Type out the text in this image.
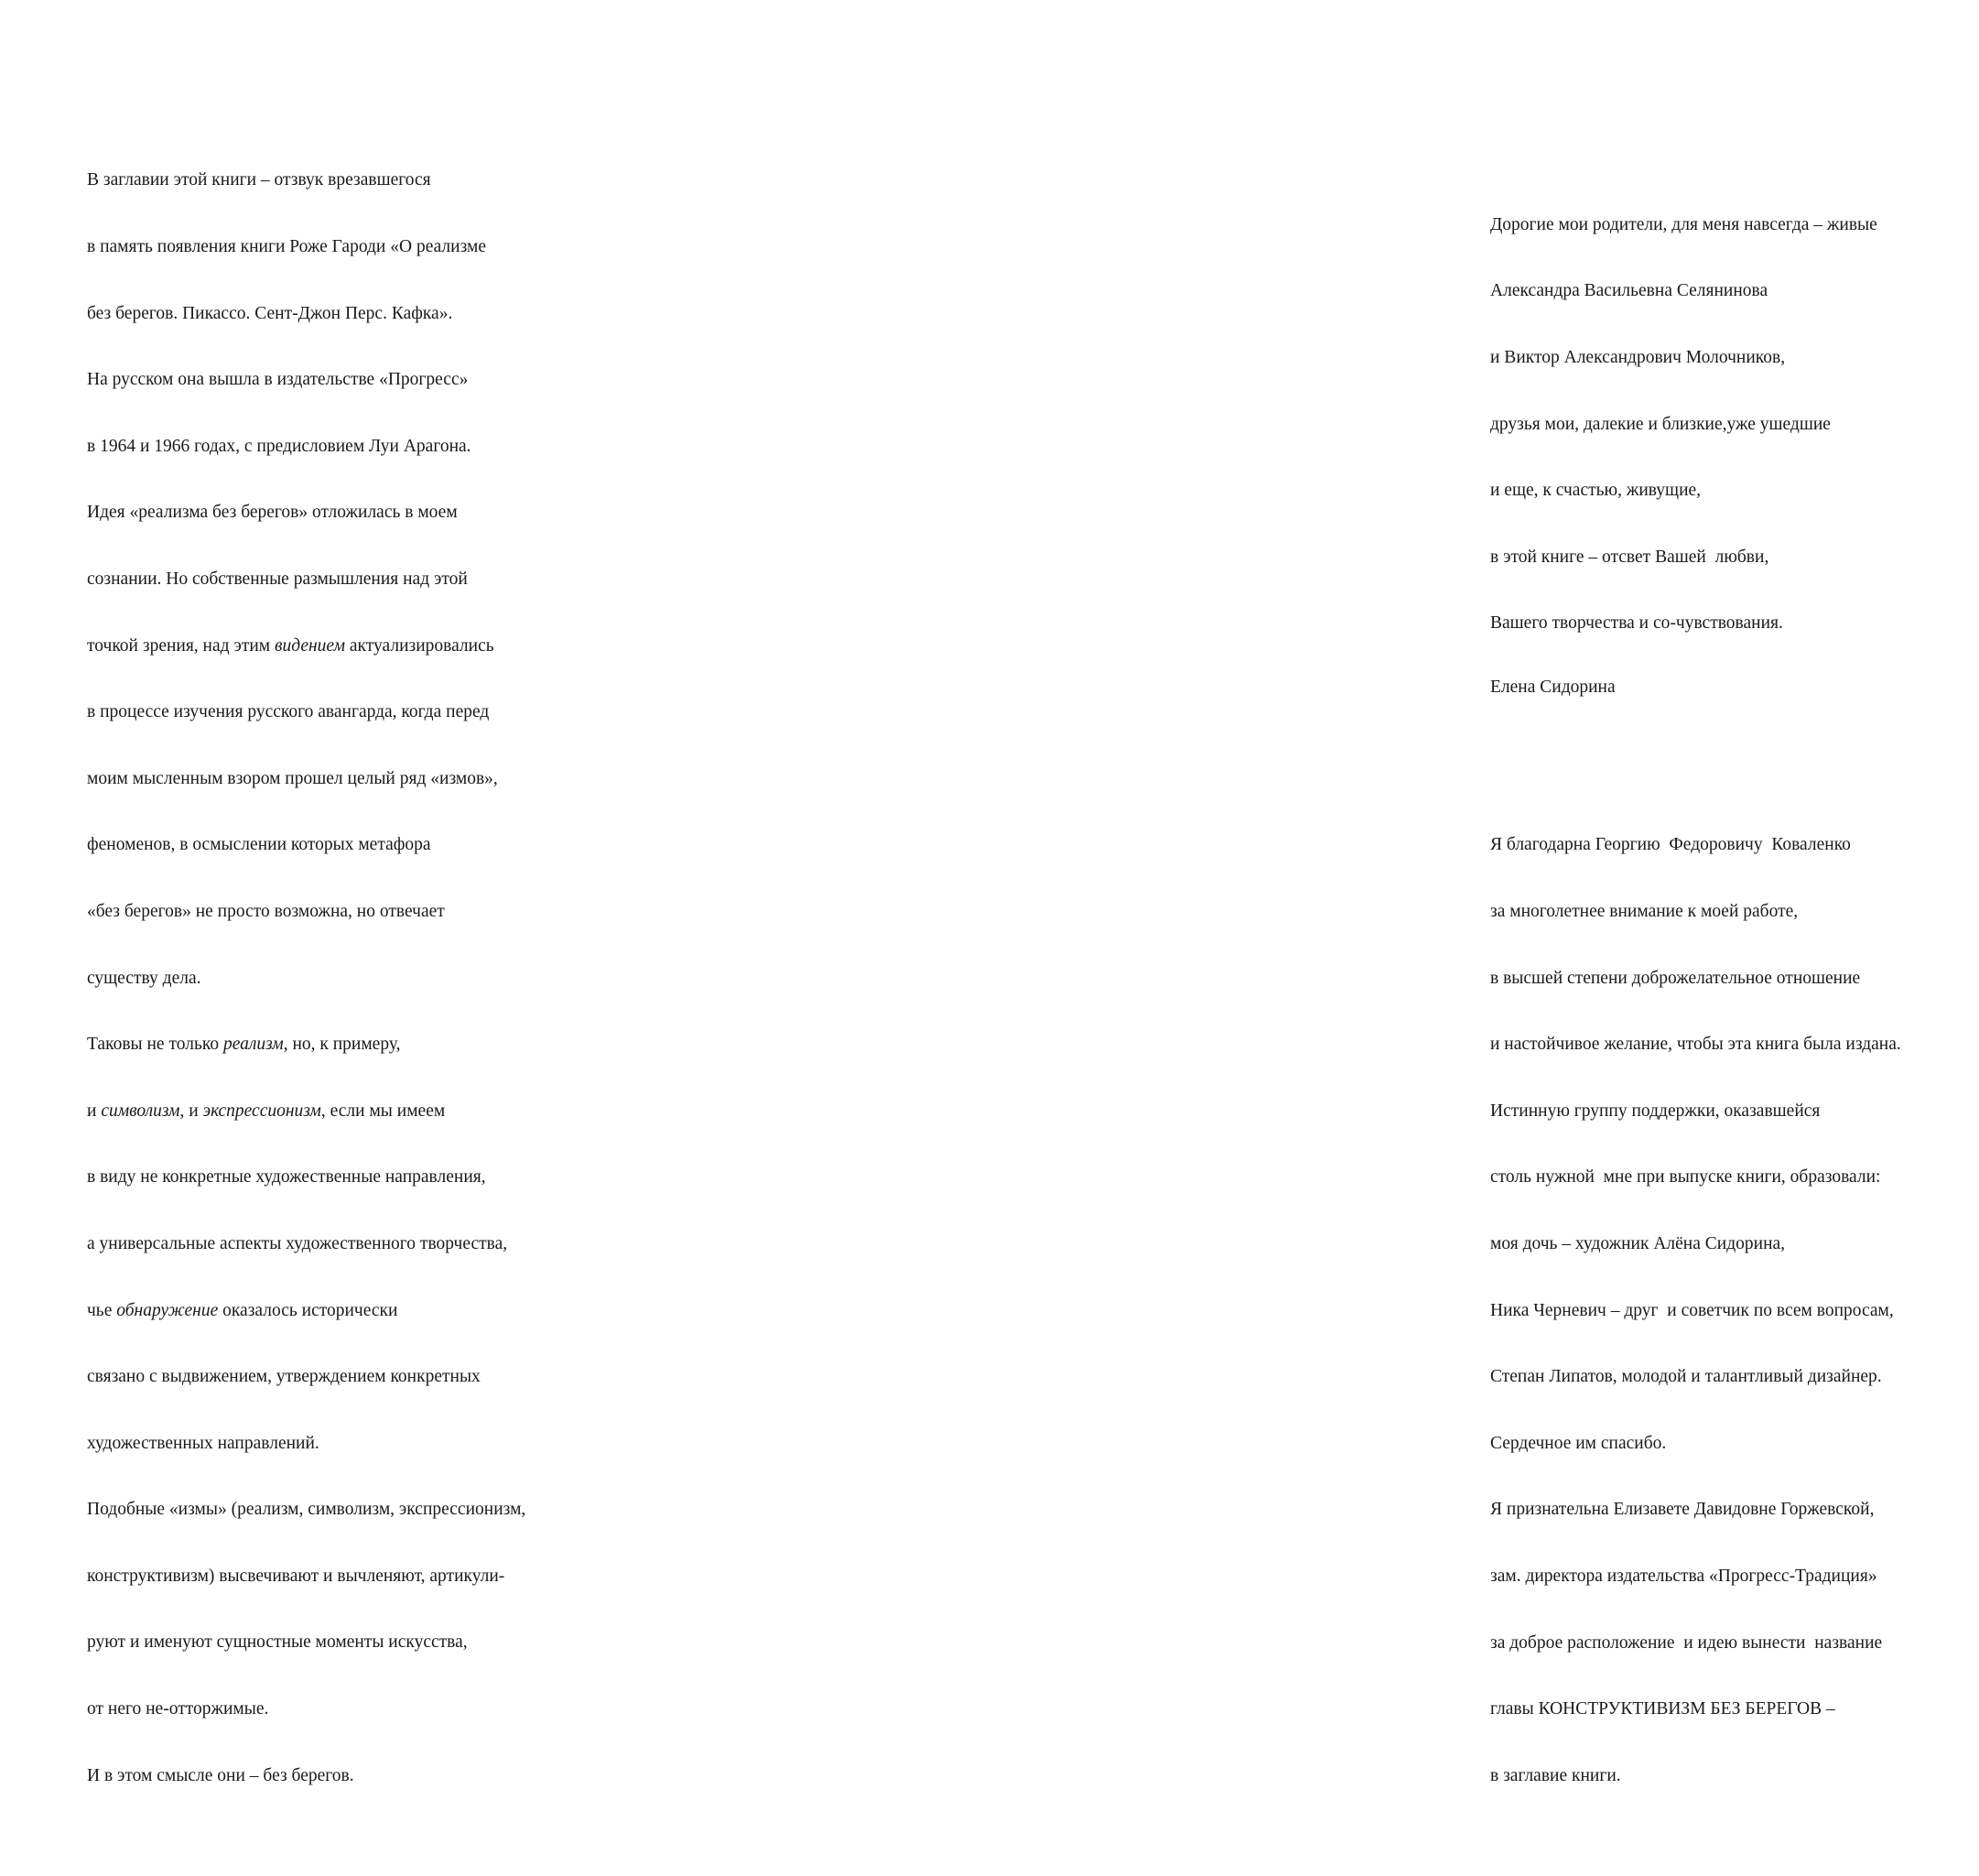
В заглавии этой книги – отзвук врезавшегося

в память появления книги Роже Гароди «О реализме

без берегов. Пикассо. Сент-Джон Перс. Кафка».

На русском она вышла в издательстве «Прогресс»

в 1964 и 1966 годах, с предисловием Луи Арагона.

Идея «реализма без берегов» отложилась в моем

сознании. Но собственные размышления над этой

точкой зрения, над этим видением актуализировались

в процессе изучения русского авангарда, когда перед

моим мысленным взором прошел целый ряд «измов»,

феноменов, в осмыслении которых метафора

«без берегов» не просто возможна, но отвечает

существу дела.

Таковы не только реализм, но, к примеру,

и символизм, и экспрессионизм, если мы имеем

в виду не конкретные художественные направления,

а универсальные аспекты художественного творчества,

чье обнаружение оказалось исторически

связано с выдвижением, утверждением конкретных

художественных направлений.

Подобные «измы» (реализм, символизм, экспрессионизм,

конструктивизм) высвечивают и вычленяют, артикули-

руют и именуют сущностные моменты искусства,

от него не-отторжимые.

И в этом смысле они – без берегов.

Дорогие мои родители, для меня навсегда – живые

Александра Васильевна Селянинова

и Виктор Александрович Молочников,

друзья мои, далекие и близкие,уже ушедшие

и еще, к счастью, живущие,

в этой книге – отсвет Вашей  любви,

Вашего творчества и со-чувствования.

Я благодарна Георгию  Федоровичу  Коваленко

за многолетнее внимание к моей работе,

в высшей степени доброжелательное отношение

и настойчивое желание, чтобы эта книга была издана.

Истинную группу поддержки, оказавшейся

столь нужной  мне при выпуске книги, образовали:

моя дочь – художник Алёна Сидорина,

Ника Черневич – друг  и советчик по всем вопросам,

Степан Липатов, молодой и талантливый дизайнер.

Сердечное им спасибо.

Я признательна Елизавете Давидовне Горжевской,

зам. директора издательства «Прогресс-Традиция»

за доброе расположение  и идею вынести  название

главы КОНСТРУКТИВИЗМ БЕЗ БЕРЕГОВ –

в заглавие книги.

Елена Сидорина
